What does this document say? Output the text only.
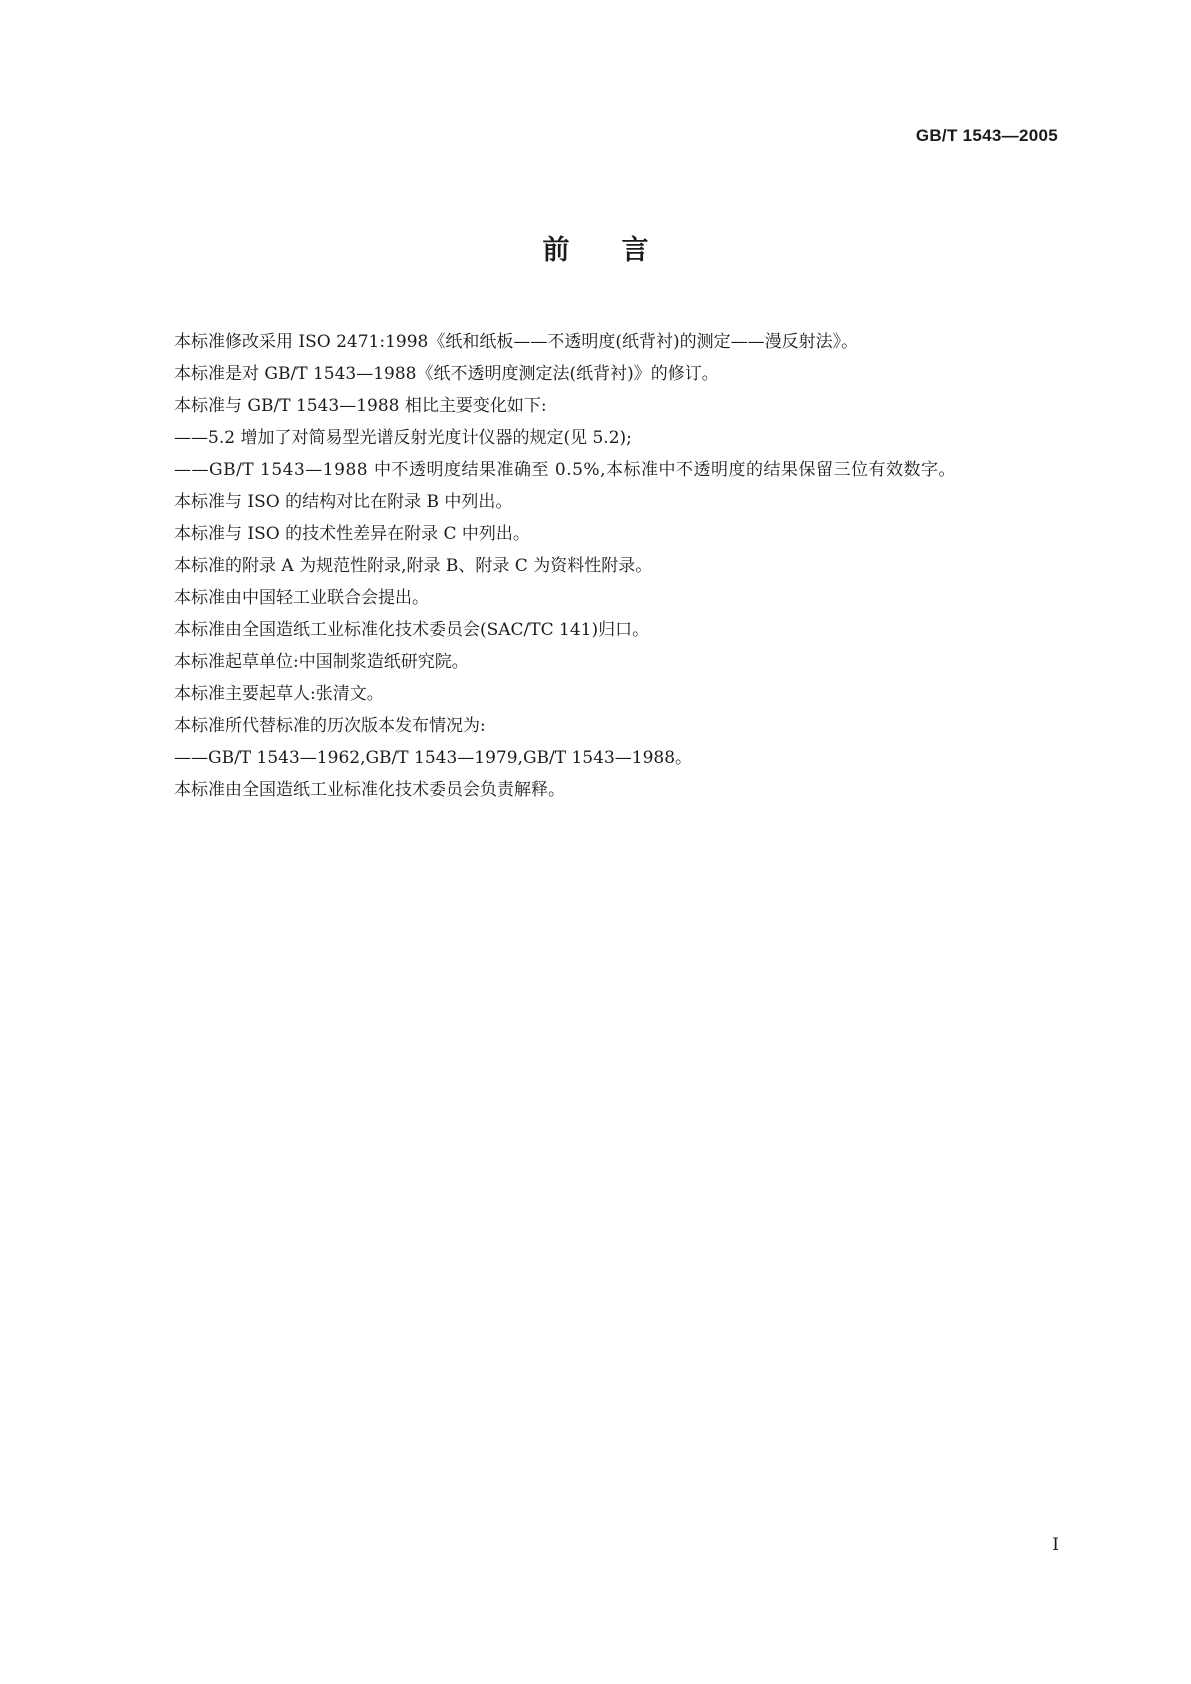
GB/T 1543—2005
前言

本标准修改采用 ISO 2471:1998《纸和纸板——不透明度(纸背衬)的测定——漫反射法》。

本标准是对 GB/T 1543—1988《纸不透明度测定法(纸背衬)》的修订。

本标准与 GB/T 1543—1988 相比主要变化如下:

——5.2 增加了对简易型光谱反射光度计仪器的规定(见 5.2);

——GB/T 1543—1988 中不透明度结果准确至 0.5%,本标准中不透明度的结果保留三位有效数字。

本标准与 ISO 的结构对比在附录 B 中列出。

本标准与 ISO 的技术性差异在附录 C 中列出。

本标准的附录 A 为规范性附录,附录 B、附录 C 为资料性附录。

本标准由中国轻工业联合会提出。

本标准由全国造纸工业标准化技术委员会(SAC/TC 141)归口。

本标准起草单位:中国制浆造纸研究院。

本标准主要起草人:张清文。

本标准所代替标准的历次版本发布情况为:

——GB/T 1543—1962,GB/T 1543—1979,GB/T 1543—1988。

本标准由全国造纸工业标准化技术委员会负责解释。

I
